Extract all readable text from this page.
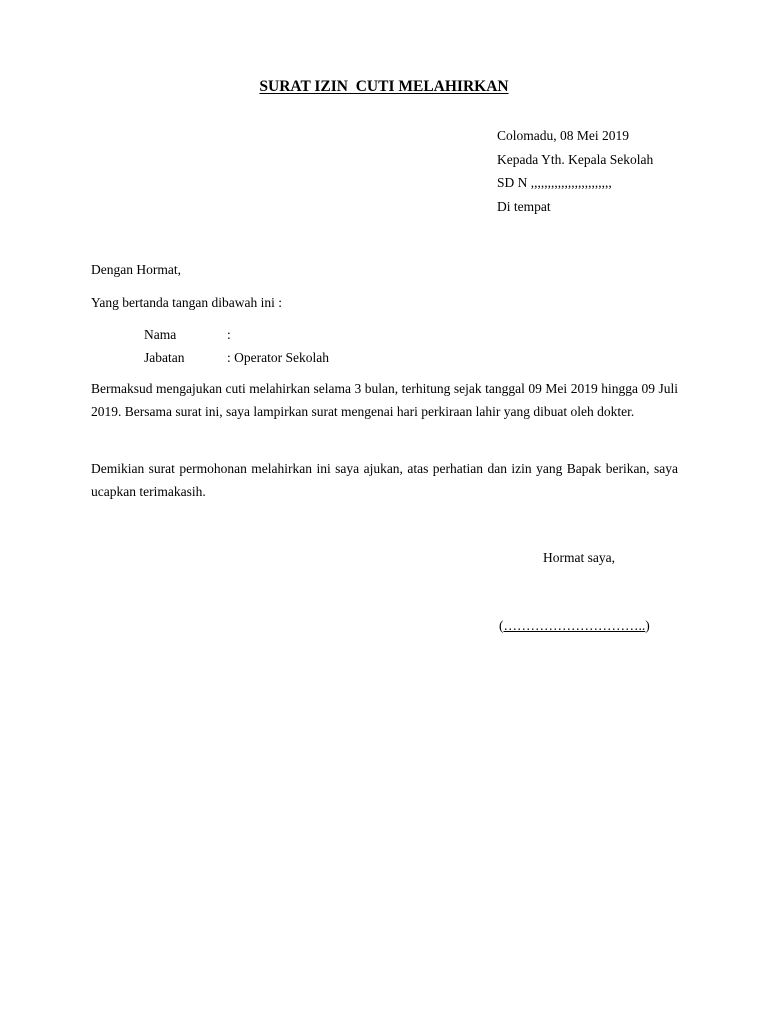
SURAT IZIN  CUTI MELAHIRKAN
Colomadu, 08 Mei 2019
Kepada Yth. Kepala Sekolah
SD N ,,,,,,,,,,,,,,,,,,,,,,,,
Di tempat
Dengan Hormat,
Yang bertanda tangan dibawah ini :
Nama	:
Jabatan	: Operator Sekolah
Bermaksud mengajukan cuti melahirkan selama 3 bulan, terhitung sejak tanggal 09 Mei 2019 hingga 09 Juli 2019. Bersama surat ini, saya lampirkan surat mengenai hari perkiraan lahir yang dibuat oleh dokter.
Demikian surat permohonan melahirkan ini saya ajukan, atas perhatian dan izin yang Bapak berikan, saya ucapkan terimakasih.
Hormat saya,
(…………………………..)
